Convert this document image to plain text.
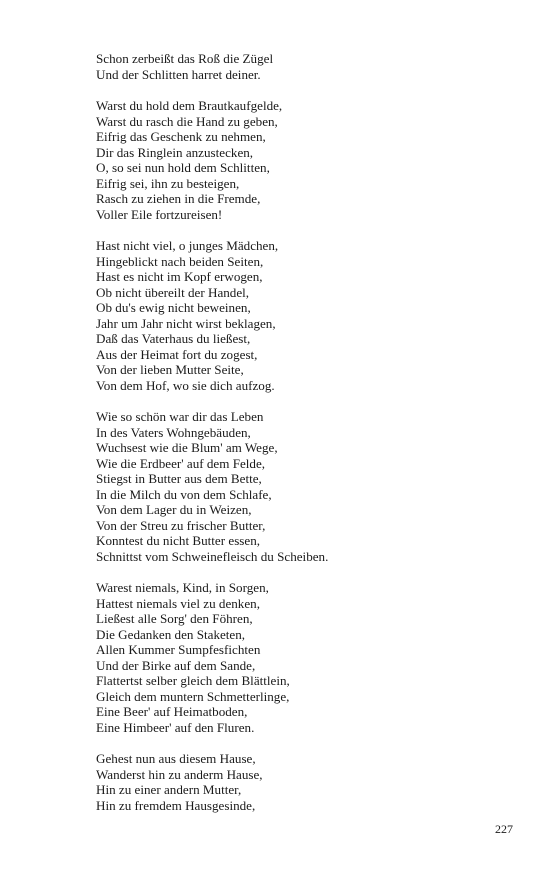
Schon zerbeißt das Roß die Zügel
Und der Schlitten harret deiner.
Warst du hold dem Brautkaufgelde,
Warst du rasch die Hand zu geben,
Eifrig das Geschenk zu nehmen,
Dir das Ringlein anzustecken,
O, so sei nun hold dem Schlitten,
Eifrig sei, ihn zu besteigen,
Rasch zu ziehen in die Fremde,
Voller Eile fortzureisen!
Hast nicht viel, o junges Mädchen,
Hingeblickt nach beiden Seiten,
Hast es nicht im Kopf erwogen,
Ob nicht übereilt der Handel,
Ob du's ewig nicht beweinen,
Jahr um Jahr nicht wirst beklagen,
Daß das Vaterhaus du ließest,
Aus der Heimat fort du zogest,
Von der lieben Mutter Seite,
Von dem Hof, wo sie dich aufzog.
Wie so schön war dir das Leben
In des Vaters Wohngebäuden,
Wuchsest wie die Blum' am Wege,
Wie die Erdbeer' auf dem Felde,
Stiegst in Butter aus dem Bette,
In die Milch du von dem Schlafe,
Von dem Lager du in Weizen,
Von der Streu zu frischer Butter,
Konntest du nicht Butter essen,
Schnittst vom Schweinefleisch du Scheiben.
Warest niemals, Kind, in Sorgen,
Hattest niemals viel zu denken,
Ließest alle Sorg' den Föhren,
Die Gedanken den Staketen,
Allen Kummer Sumpfesfichten
Und der Birke auf dem Sande,
Flattertst selber gleich dem Blättlein,
Gleich dem muntern Schmetterlinge,
Eine Beer' auf Heimatboden,
Eine Himbeer' auf den Fluren.
Gehest nun aus diesem Hause,
Wanderst hin zu anderm Hause,
Hin zu einer andern Mutter,
Hin zu fremdem Hausgesinde,
227
